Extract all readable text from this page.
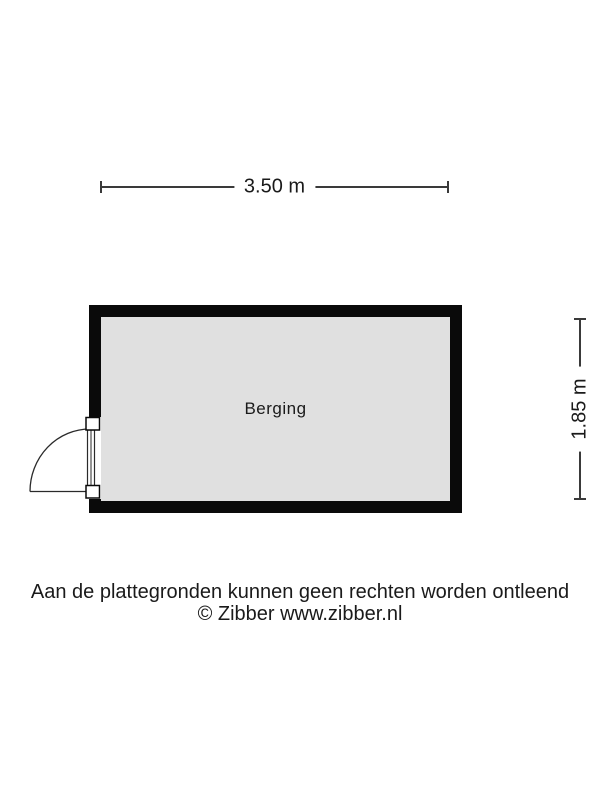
3.50 m
1.85 m
Berging
Aan de plattegronden kunnen geen rechten worden ontleend
© Zibber www.zibber.nl
